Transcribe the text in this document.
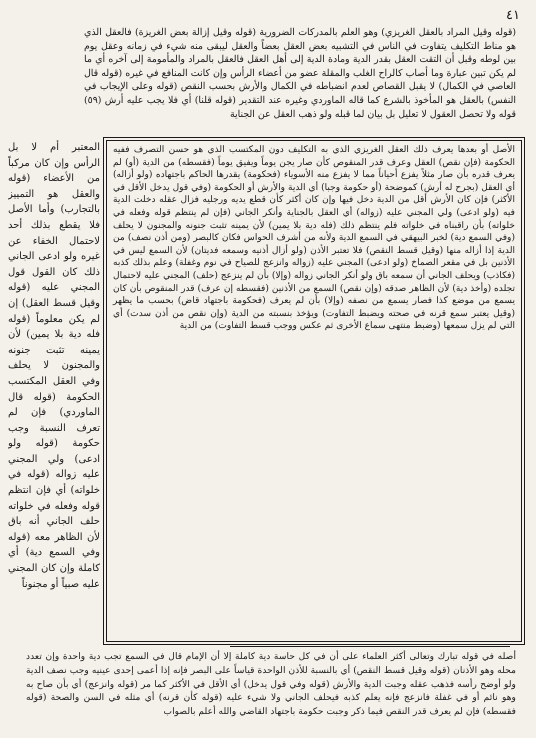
٤١
(قوله وقيل المراد بالعقل الغريزي) وهو العلم بالمدركات الضرورية (قوله وقيل إزالة بعض الغريزة) فالعقل الذي هو مناط التكليف يتفاوت في الناس في التشبيه بعض العقل بعضاً والعقل ليبقى منه شيء في زمانه وعقل يوم بين لوطه وقبل أن التقت العقل بقدر الدية ومادة الدية إلى أهل العقل فالعقل بالمراد والمأمومة إلى آخره أي ما لم يكن تبين عبارة وما أصاب كالراح الغلب والمقلة عضو من أعضاء الرأس وإن كانت المنافع في غيره (قوله قال العاصي في الكمال) لا يقبل القصاص لعدم انضباطه في الكمال والأرش بحسب النقص (قوله وعلى الإيجاب في النفس) بالعقل هو المأخوذ بالشرع كما قاله الماوردي وغيره عند التقدير (قوله قلنا) أي فلا يجب عليه أرش (٥٩) قوله ولا تحصل العقول لا تعليل بل بيان لما قبله ولو ذهب العقل عن الجناية
الأصل أو بعدها يعرف ذلك العقل الغريزي الذي به التكليف دون المكتسب الذي هو حسن التصرف ففيه الحكومة (فإن نقص) العقل وعرف قدر المنقوص كأن صار يجن يوماً ويفيق يوماً (فقسطه) من الدية (أو) لم يعرف قدره بأن صار مثلاً يفزع أحياناً مما لا يفزع منه الأسوياء (فحكومة) يقدرها الحاكم باجتهاده (ولو أزاله) أي العقل (بجرح له أرش) كموضحة (أو حكومة وجبا) أي الدية والأرش أو الحكومة (وفي قول يدخل الأقل في الأكثر) فإن كان الأرش أقل من الدية دخل فيها وإن كان أكثر كأن قطع يديه ورجليه فزال عقله دخلت الدية فيه (ولو ادعى) ولي المجني عليه (زواله) أي العقل بالجناية وأنكر الجاني (فإن لم ينتظم قوله وفعله في خلواته) بأن راقبناه في خلواته فلم ينتظم ذلك (فله دية بلا يمين) لأن يمينه تثبت جنونه والمجنون لا يحلف (وفي السمع دية) لخبر البيهقي في السمع الدية ولأنه من أشرف الحواس فكان كالبصر (ومن أذن نصف) من الدية إذا أزاله منها (وقيل قسط النقص) فلا تعتبر الأذن (ولو أزال أذنيه وسمعه فديتان) لأن السمع ليس في الأذنين بل في مقعر الصماخ (ولو ادعى) المجني عليه (زواله وانزعج للصياح في نوم وغفلة) وعلم بذلك كذبه (فكاذب) ويحلف الجاني أن سمعه باق ولو أنكر الجاني زواله (وإلا) بأن لم ينزعج (حلف) المجني عليه لاحتمال تجلده (وأخذ دية) لأن الظاهر صدقه (وإن نقص) السمع من الأذنين (فقسطه إن عرف) قدر المنقوص بأن كان يسمع من موضع كذا فصار يسمع من نصفه (وإلا) بأن لم يعرف (فحكومة باجتهاد قاض) بحسب ما يظهر (وقيل يعتبر سمع قرنه في صحته ويضبط التفاوت) ويؤخذ بنسبته من الدية (وإن نقص من أذن سدت) أي التي لم يزل سمعها (وضبط منتهى سماع الأخرى ثم عكس ووجب قسط التفاوت) من الدية
المعتبر أم لا بل الرأس وإن كان مركباً من الأعضاء (قوله والعقل هو التمييز بالتجارب) وأما الأصل فلا يقطع بذلك أحد لاحتمال الخفاء عن غيره ولو ادعى الجاني ذلك كان القول قول المجني عليه (قوله وقيل قسط العقل) إن لم يكن معلوماً (قوله فله دية بلا يمين) لأن يمينه تثبت جنونه والمجنون لا يحلف وفي العقل المكتسب الحكومة (قوله قال الماوردي) فإن لم تعرف النسبة وجب حكومة (قوله ولو ادعى) ولي المجني عليه زواله (قوله في خلواته) أي فإن انتظم قوله وفعله في خلواته حلف الجاني أنه باق لأن الظاهر معه (قوله وفي السمع دية) أي كاملة وإن كان المجني عليه صبياً أو مجنوناً
أصله في قوله تبارك وتعالى أكثر العلماء على أن في كل حاسة دية كاملة إلا أن الإمام قال في السمع تجب دية واحدة وإن تعدد محله وهو الأذنان (قوله وقيل قسط النقص) أي بالنسبة للأذن الواحدة قياساً على البصر فإنه إذا أعمى إحدى عينيه وجب نصف الدية ولو أوضح رأسه فذهب عقله وجبت الدية والأرش (قوله وفي قول يدخل) أي الأقل في الأكثر كما مر (قوله وانزعج) أي بأن صاح به وهو نائم أو في غفلة فانزعج فإنه يعلم كذبه فيحلف الجاني ولا شيء عليه (قوله كأن قرنه) أي مثله في السن والصحة (قوله فقسطه) فإن لم يعرف قدر النقص فيما ذكر وجبت حكومة باجتهاد القاضي والله أعلم بالصواب
